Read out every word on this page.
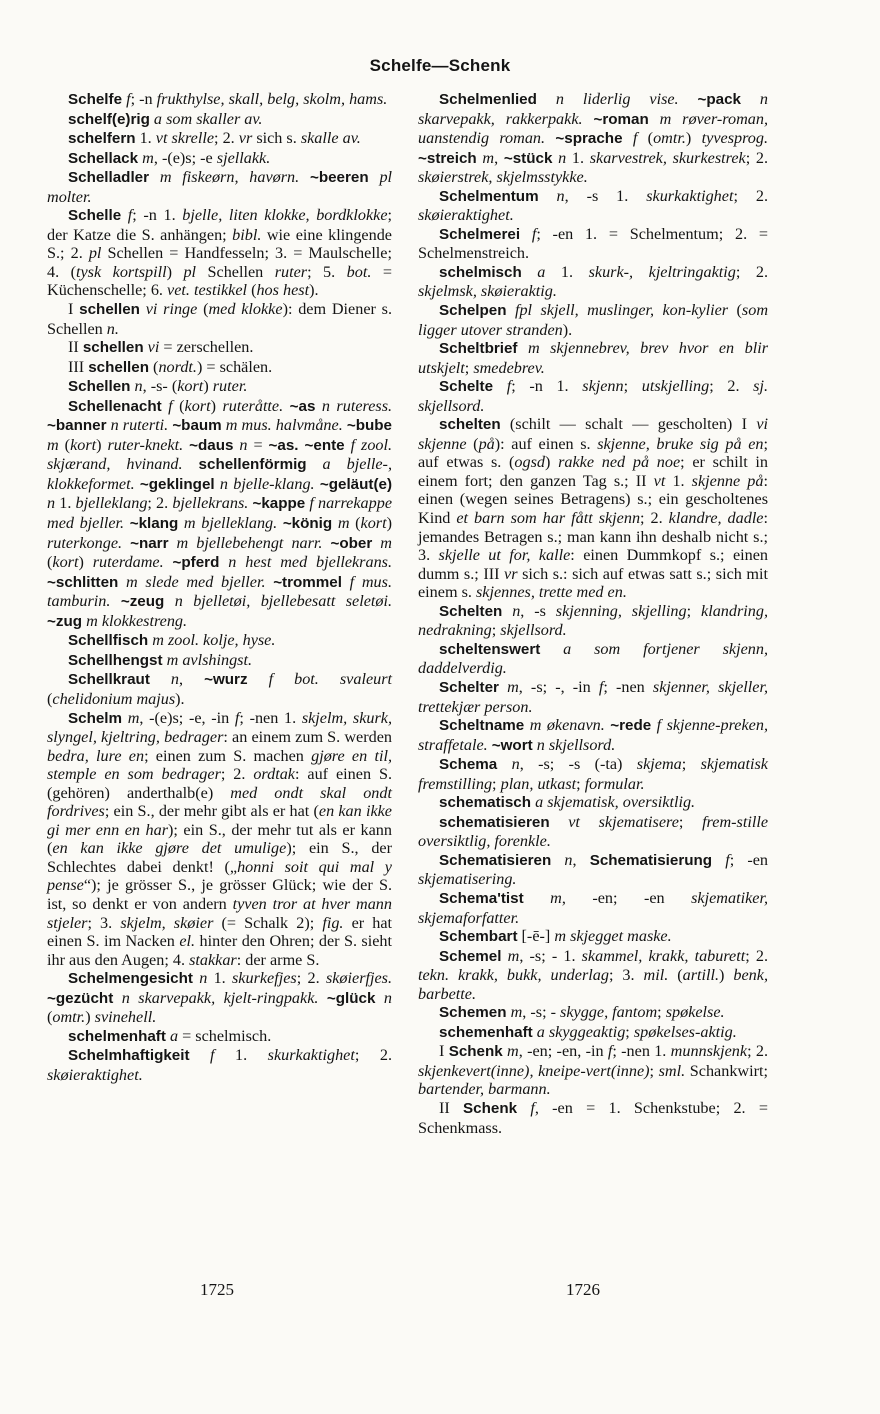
Schelfe—Schenk

Schelfe f; -n frukthylse, skall, belg, skolm, hams.

schelf(e)rig a som skaller av.

schelfern 1. vt skrelle; 2. vr sich s. skalle av.

Schellack m, -(e)s; -e sjellakk.

Schelladler m fiskeørn, havørn. ~beeren pl molter.

Schelle f; -n 1. bjelle, liten klokke, bordklokke; der Katze die S. anhängen; bibl. wie eine klingende S.; 2. pl Schellen = Handfesseln; 3. = Maulschelle; 4. (tysk kortspill) pl Schellen ruter; 5. bot. = Küchenschelle; 6. vet. testikkel (hos hest).

I schellen vi ringe (med klokke): dem Diener s. Schellen n.

II schellen vi = zerschellen.

III schellen (nordt.) = schälen.

Schellen n, -s- (kort) ruter.

Schellenacht f (kort) ruteråtte. ~as n ruteress. ~banner n ruterti. ~baum m mus. halvmåne. ~bube m (kort) ruter-knekt. ~daus n = ~as. ~ente f zool. skjærand, hvinand. schellenförmig a bjelle-, klokkeformet. ~geklingel n bjelle-klang. ~geläut(e) n 1. bjelleklang; 2. bjellekrans. ~kappe f narrekappe med bjeller. ~klang m bjelleklang. ~könig m (kort) ruterkonge. ~narr m bjellebehengt narr. ~ober m (kort) ruterdame. ~pferd n hest med bjellekrans. ~schlitten m slede med bjeller. ~trommel f mus. tamburin. ~zeug n bjelletøi, bjellebesatt seletøi. ~zug m klokkestreng.

Schellfisch m zool. kolje, hyse.

Schellhengst m avlshingst.

Schellkraut n, ~wurz f bot. svaleurt (chelidonium majus).

Schelm m, -(e)s; -e, -in f; -nen 1. skjelm, skurk, slyngel, kjeltring, bedrager: an einem zum S. werden bedra, lure en; einen zum S. machen gjøre en til, stemple en som bedrager; 2. ordtak: auf einen S. (gehören) anderthalb(e) med ondt skal ondt fordrives; ein S., der mehr gibt als er hat (en kan ikke gi mer enn en har); ein S., der mehr tut als er kann (en kan ikke gjøre det umulige); ein S., der Schlechtes dabei denkt! („honni soit qui mal y pense“); je grösser S., je grösser Glück; wie der S. ist, so denkt er von andern tyven tror at hver mann stjeler; 3. skjelm, skøier (= Schalk 2); fig. er hat einen S. im Nacken el. hinter den Ohren; der S. sieht ihr aus den Augen; 4. stakkar: der arme S.

Schelmengesicht n 1. skurkefjes; 2. skøierfjes. ~gezücht n skarvepakk, kjelt-ringpakk. ~glück n (omtr.) svinehell.

schelmenhaft a = schelmisch.

Schelmhaftigkeit f 1. skurkaktighet; 2. skøieraktighet.

Schelmenlied n liderlig vise. ~pack n skarvepakk, rakkerpakk. ~roman m røver-roman, uanstendig roman. ~sprache f (omtr.) tyvesprog. ~streich m, ~stück n 1. skarvestrek, skurkestrek; 2. skøierstrek, skjelmsstykke.

Schelmentum n, -s 1. skurkaktighet; 2. skøieraktighet.

Schelmerei f; -en 1. = Schelmentum; 2. = Schelmenstreich.

schelmisch a 1. skurk-, kjeltringaktig; 2. skjelmsk, skøieraktig.

Schelpen fpl skjell, muslinger, kon-kylier (som ligger utover stranden).

Scheltbrief m skjennebrev, brev hvor en blir utskjelt; smedebrev.

Schelte f; -n 1. skjenn; utskjelling; 2. sj. skjellsord.

schelten (schilt — schalt — gescholten) I vi skjenne (på): auf einen s. skjenne, bruke sig på en; auf etwas s. (ogsd) rakke ned på noe; er schilt in einem fort; den ganzen Tag s.; II vt 1. skjenne på: einen (wegen seines Betragens) s.; ein gescholtenes Kind et barn som har fått skjenn; 2. klandre, dadle: jemandes Betragen s.; man kann ihn deshalb nicht s.; 3. skjelle ut for, kalle: einen Dummkopf s.; einen dumm s.; III vr sich s.: sich auf etwas satt s.; sich mit einem s. skjennes, trette med en.

Schelten n, -s skjenning, skjelling; klandring, nedrakning; skjellsord.

scheltenswert a som fortjener skjenn, daddelverdig.

Schelter m, -s; -, -in f; -nen skjenner, skjeller, trettekjær person.

Scheltname m økenavn. ~rede f skjenne-preken, straffetale. ~wort n skjellsord.

Schema n, -s; -s (-ta) skjema; skjematisk fremstilling; plan, utkast; formular.

schematisch a skjematisk, oversiktlig.

schematisieren vt skjematisere; frem-stille oversiktlig, forenkle.

Schematisieren n, Schematisierung f; -en skjematisering.

Schema'tist m, -en; -en skjematiker, skjemaforfatter.

Schembart [-ē-] m skjegget maske.

Schemel m, -s; - 1. skammel, krakk, taburett; 2. tekn. krakk, bukk, underlag; 3. mil. (artill.) benk, barbette.

Schemen m, -s; - skygge, fantom; spøkelse.

schemenhaft a skyggeaktig; spøkelses-aktig.

I Schenk m, -en; -en, -in f; -nen 1. munnskjenk; 2. skjenkevert(inne), kneipe-vert(inne); sml. Schankwirt; bartender, barmann.

II Schenk f, -en = 1. Schenkstube; 2. = Schenkmass.

1725	1726
